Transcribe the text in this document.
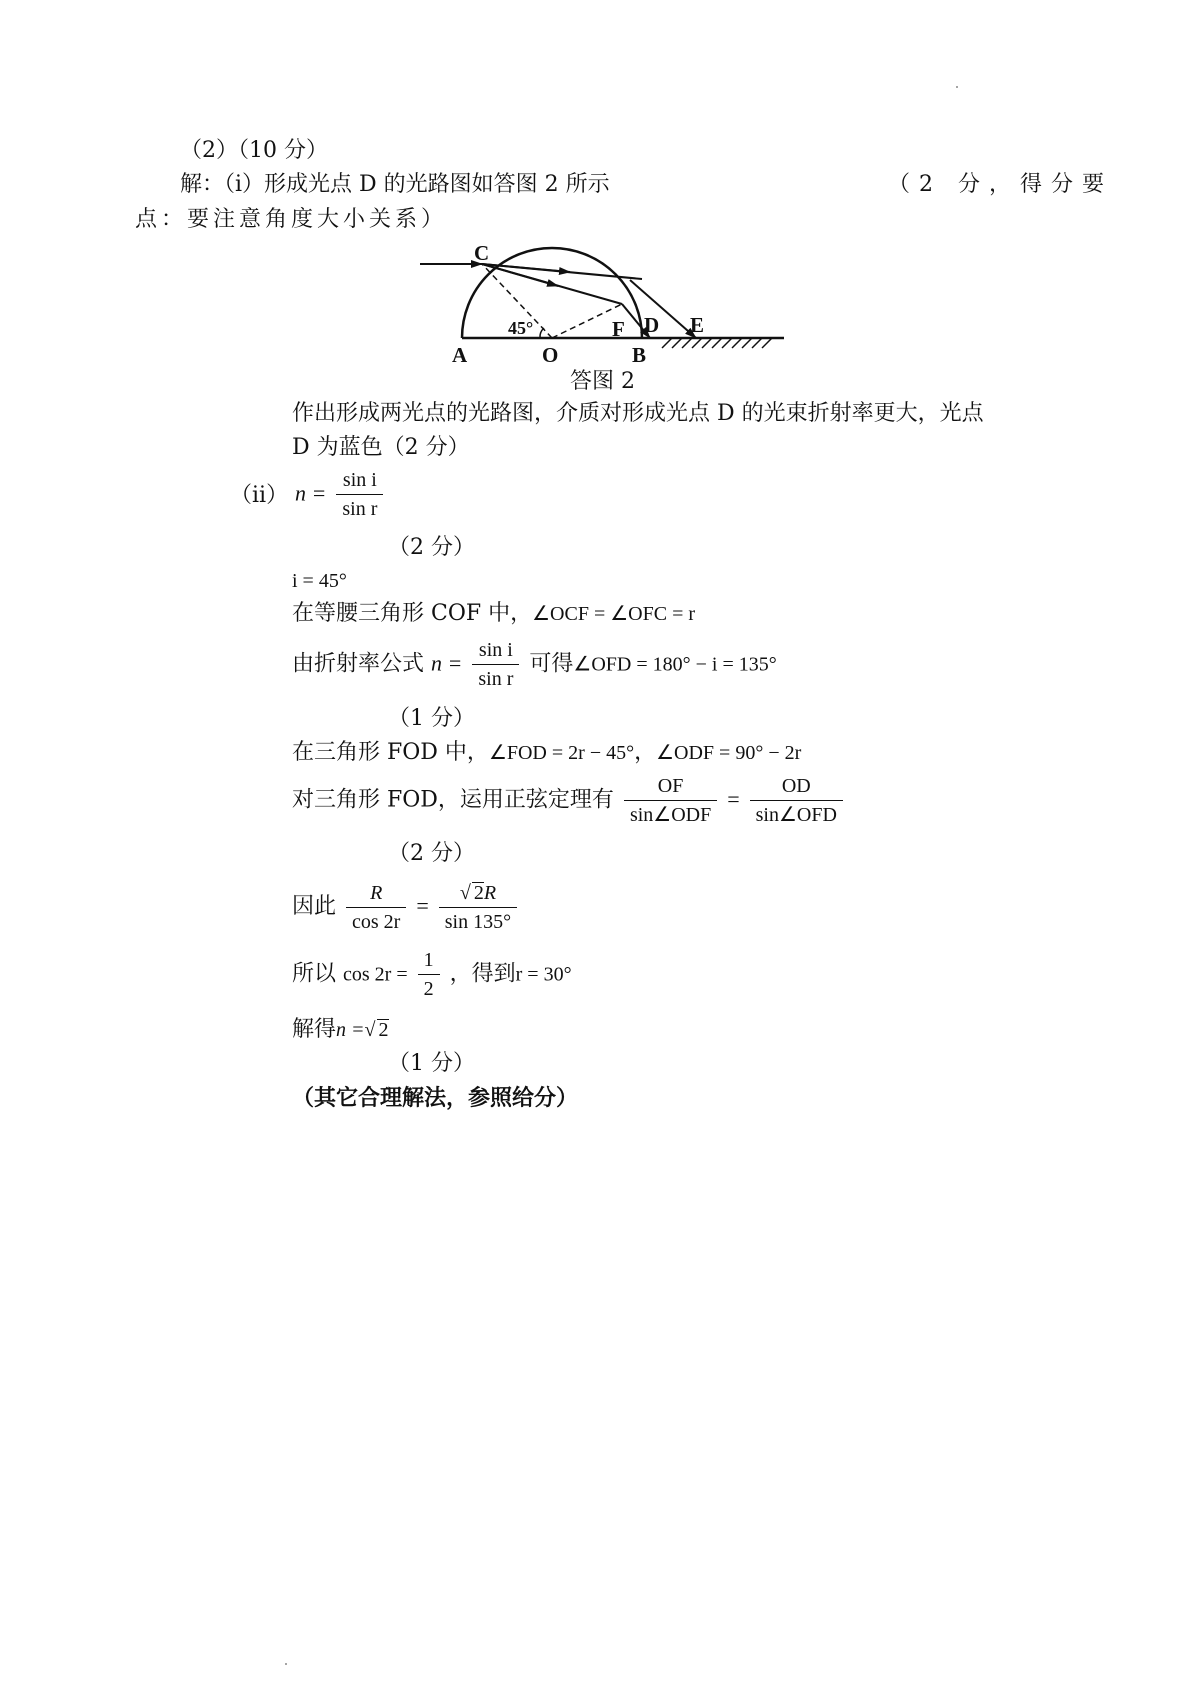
（2）（10 分）
解：（ⅰ）形成光点 D 的光路图如答图 2 所示	（2 分，得分要
点：要注意角度大小关系）
A	O	B
C
D E
F
45°
答图 2
作出形成两光点的光路图，介质对形成光点 D 的光束折射率更大，光点
D 为蓝色（2 分）
（ⅱ） $n = \frac{\text{sin i}}{\text{sin r}}$
（2 分）
i = 45°
在等腰三角形 COF 中，∠OCF = ∠OFC = r
由折射率公式 $n = \frac{\text{sin i}}{\text{sin r}}$ 可得∠OFD = 180° − i = 135°
（1 分）
在三角形 FOD 中，∠FOD = 2r − 45°，∠ODF = 90° − 2r
对三角形 FOD，运用正弦定理有 $\frac{OF}{\text{sin∠ODF}} = \frac{OD}{\text{sin∠OFD}}$
（2 分）
因此 $\frac{R}{\cos 2r} = \frac{√ 2R}{\sin 135^\circ}$
所以 $\cos 2r = \frac{1}{2}$ ，得到r = 30°
解得n =√ 2
（1 分）
（其它合理解法，参照给分）
